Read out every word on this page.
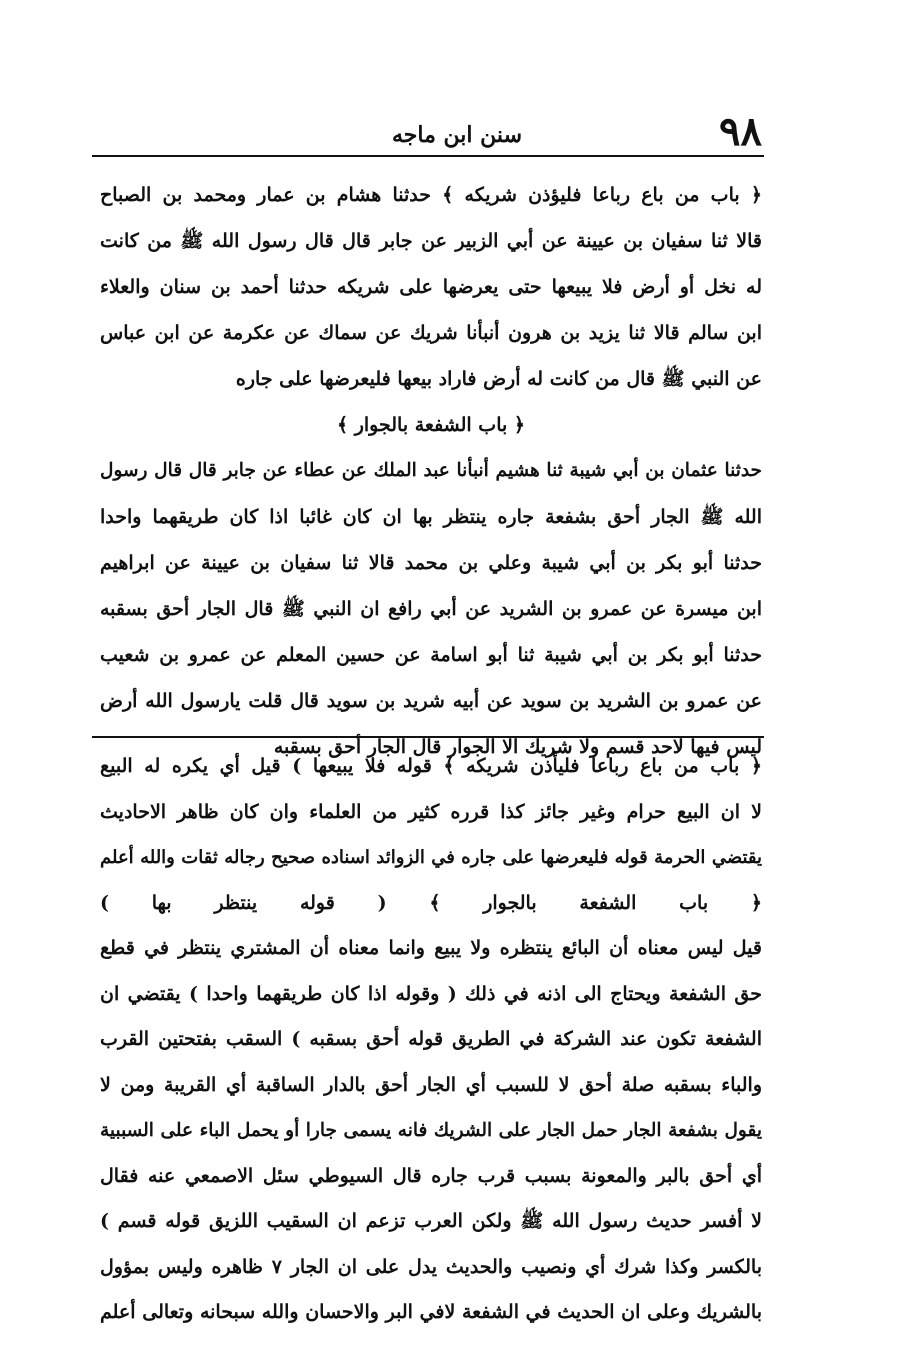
٩٨
سنن ابن ماجه
﴿ باب من باع رباعا فليؤذن شريكه ﴾ حدثنا هشام بن عمار ومحمد بن الصباح
قالا ثنا سفيان بن عيينة عن أبي الزبير عن جابر قال قال رسول الله ﷺ من كانت
له نخل أو أرض فلا يبيعها حتى يعرضها على شريكه حدثنا أحمد بن سنان والعلاء
ابن سالم قالا ثنا يزيد بن هرون أنبأنا شريك عن سماك عن عكرمة عن ابن عباس
عن النبي ﷺ قال من كانت له أرض فاراد بيعها فليعرضها على جاره
﴿ باب الشفعة بالجوار ﴾
حدثنا عثمان بن أبي شيبة ثنا هشيم أنبأنا عبد الملك عن عطاء عن جابر قال قال رسول
الله ﷺ الجار أحق بشفعة جاره ينتظر بها ان كان غائبا اذا كان طريقهما واحدا
حدثنا أبو بكر بن أبي شيبة وعلي بن محمد قالا ثنا سفيان بن عيينة عن ابراهيم
ابن ميسرة عن عمرو بن الشريد عن أبي رافع ان النبي ﷺ قال الجار أحق بسقبه
حدثنا أبو بكر بن أبي شيبة ثنا أبو اسامة عن حسين المعلم عن عمرو بن شعيب
عن عمرو بن الشريد بن سويد عن أبيه شريد بن سويد قال قلت يارسول الله أرض
ليس فيها لاحد قسم ولا شريك الا الجوار قال الجار أحق بسقبه
﴿ باب من باع رباعا فليأذن شريكه ﴾ قوله فلا يبيعها ) قيل أي يكره له البيع
لا ان البيع حرام وغير جائز كذا قرره كثير من العلماء وان كان ظاهر الاحاديث
يقتضي الحرمة قوله فليعرضها على جاره في الزوائد اسناده صحيح رجاله ثقات والله أعلم
﴿ باب الشفعة بالجوار ﴾ ( قوله ينتظر بها )
قيل ليس معناه أن البائع ينتظره ولا يبيع وانما معناه أن المشتري ينتظر في قطع
حق الشفعة ويحتاج الى اذنه في ذلك ( وقوله اذا كان طريقهما واحدا ) يقتضي ان
الشفعة تكون عند الشركة في الطريق قوله أحق بسقبه ) السقب بفتحتين القرب
والباء بسقبه صلة أحق لا للسبب أي الجار أحق بالدار الساقبة أي القريبة ومن لا
يقول بشفعة الجار حمل الجار على الشريك فانه يسمى جارا أو يحمل الباء على السببية
أي أحق بالبر والمعونة بسبب قرب جاره قال السيوطي سئل الاصمعي عنه فقال
لا أفسر حديث رسول الله ﷺ ولكن العرب تزعم ان السقيب اللزيق قوله قسم )
بالكسر وكذا شرك أي ونصيب والحديث يدل على ان الجار ٧ ظاهره وليس بمؤول
بالشريك وعلى ان الحديث في الشفعة لافي البر والاحسان والله سبحانه وتعالى أعلم
